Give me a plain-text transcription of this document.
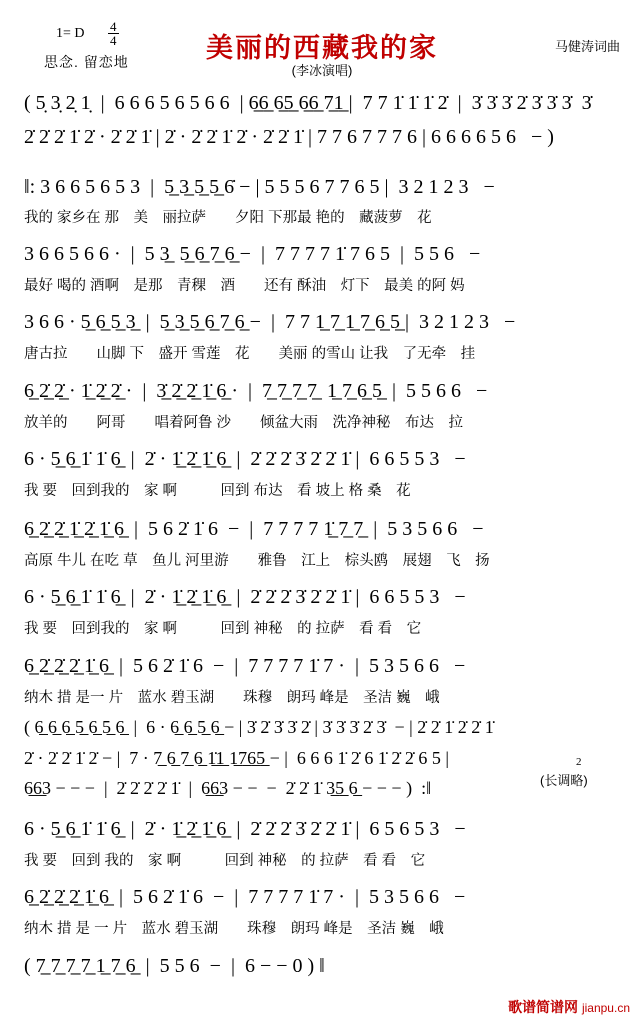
1= D $\frac{4}{4}$
思念. 留恋地	美丽的西藏我的家
(李冰演唱)
马健涛词曲
( 5̣ 3̣ 2̣ 1̣  |  6 6 6 5 6 5 6 6  | 6̲6̲ 6̲5̲ 6̲6̲ 7̲1̲ |  7 7 1̇ 1̇ 1̇ 2̇  |  3̇ 3̇ 3̇ 2̇ 3̇ 3̇ 3̇  3̇
2̇ 2̇ 2̇ 1̇ 2̇ · 2̇ 2̇ 1̇ | 2̇ · 2̇ 2̇ 1̇ 2̇ · 2̇ 2̇ 1̇ | 7 7 6 7 7 7 6 | 6 6 6 6 5 6   − )
‖: 3 6 6 5 6 5 3  |  5̲ 3̲ 5̲ 5̲ 6̇ − | 5 5 5 6 7 7 6 5 |  3 2 1 2 3   −
我的 家乡在 那　美　丽拉萨　　夕阳 下那最 艳的　藏菠萝　花
3 6 6 5 6 6 ·  |  5 3̲  5̲ 6̲ 7̲ 6̲ −  |  7 7 7 7 1̇ 7 6 5  |  5 5 6   −
最好 喝的 酒啊　是那　青稞　酒　　还有 酥油　灯下　最美 的阿 妈
3 6 6 · 5̲ 6̲ 5̲ 3̲  |  5̲ 3̲ 5̲ 6̲ 7̲ 6̲ −  |  7 7 1̲ 7̲ 1̲ 7̲ 6̲ 5̲ |  3 2 1 2 3   −
唐古拉　　山脚 下　盛开 雪莲　花　　美丽 的雪山 让我　了无牵　挂
6̲ 2̲̇ 2̲̇ · 1̲̇ 2̲̇ 2̲̇ ·  |  3̲̇ 2̲̇ 2̲̇ 1̲̇ 6̲ ·  |  7̲ 7̲ 7̲ 7̲  1̲ 7̲ 6̲ 5̲  |  5 5 6 6   −
放羊的　　阿哥　　唱着阿鲁 沙　　倾盆大雨　洗净神秘　布达　拉
6 · 5̲ 6̲ 1̇ 1̇ 6̲  |  2̇ · 1̲̇ 2̲̇ 1̲̇ 6̲  |  2̇ 2̇ 2̇ 3̇ 2̇ 2̇ 1̇ |  6 6 5 5 3   −
我 要　回到我的　家 啊　　　回到 布达　看 坡上 格 桑　花
6̲ 2̲̇ 2̲̇ 1̲̇ 2̲̇ 1̲̇ 6̲  |  5 6 2̇ 1̇ 6  −  |  7 7 7 7 1̲̇ 7̲ 7̲  |  5 3 5 6 6   −
高原 牛儿 在吃 草　鱼儿 河里游　　雅鲁　江上　棕头鸥　展翅　飞　扬
6 · 5̲ 6̲ 1̇ 1̇ 6̲  |  2̇ · 1̲̇ 2̲̇ 1̲̇ 6̲  |  2̇ 2̇ 2̇ 3̇ 2̇ 2̇ 1̇ |  6 6 5 5 3   −
我 要　回到我的　家 啊　　　回到 神秘　的 拉萨　看 看　它
6̲ 2̲̇ 2̲̇ 2̲̇ 1̲̇ 6̲  |  5 6 2̇ 1̇ 6  −  |  7 7 7 7 1̇ 7 ·  |  5 3 5 6 6   −
纳木 措 是一 片　蓝水 碧玉湖　　珠穆　朗玛 峰是　圣洁 巍　峨
( 6̲ 6̲ 6̲ 5̲ 6̲ 5̲ 6̲  |  6 · 6̲ 6̲ 5̲ 6̲ − | 3̇ 2̇ 3̇ 3̇ 2̇ | 3̇ 3̇ 3̇ 2̇ 3̇  − | 2̇ 2̇ 1̇ 2̇ 2̇ 1̇
2̇ · 2̇ 2̇ 1̇ 2̇ − |  7 · 7̲ 6̲ 7̲ 6̲ 1̲̇1̲ 1̲7̲6̲5̲ − |  6 6 6 1̇ 2̇ 6 1̇ 2̇ 2̇ 6 5 |
6̲6̲3 − − −  |  2̇ 2̇ 2̇ 2̇ 1̇  |  6̲6̲3 − −  −  2̇ 2̇ 1̇ 3̲5̲ 6̲ − − − )  :‖	(长调略)
2
6 · 5̲ 6̲ 1̇ 1̇ 6̲  |  2̇ · 1̲̇ 2̲̇ 1̲̇ 6̲  |  2̇ 2̇ 2̇ 3̇ 2̇ 2̇ 1̇ |  6 5 6 5 3   −
我 要　回到 我的　家 啊　　　回到 神秘　的 拉萨　看 看　它
6̲ 2̲̇ 2̲̇ 2̲̇ 1̲̇ 6̲  |  5 6 2̇ 1̇ 6  −  |  7 7 7 7 1̇ 7 ·  |  5 3 5 6 6   −
纳木 措 是 一 片　蓝水 碧玉湖　　珠穆　朗玛 峰是　圣洁 巍　峨
( 7̲ 7̲ 7̲ 7̲ 1̲ 7̲ 6̲  |  5 5 6  −  |  6 − − 0 ) ‖
歌谱简谱网 jianpu.cn
